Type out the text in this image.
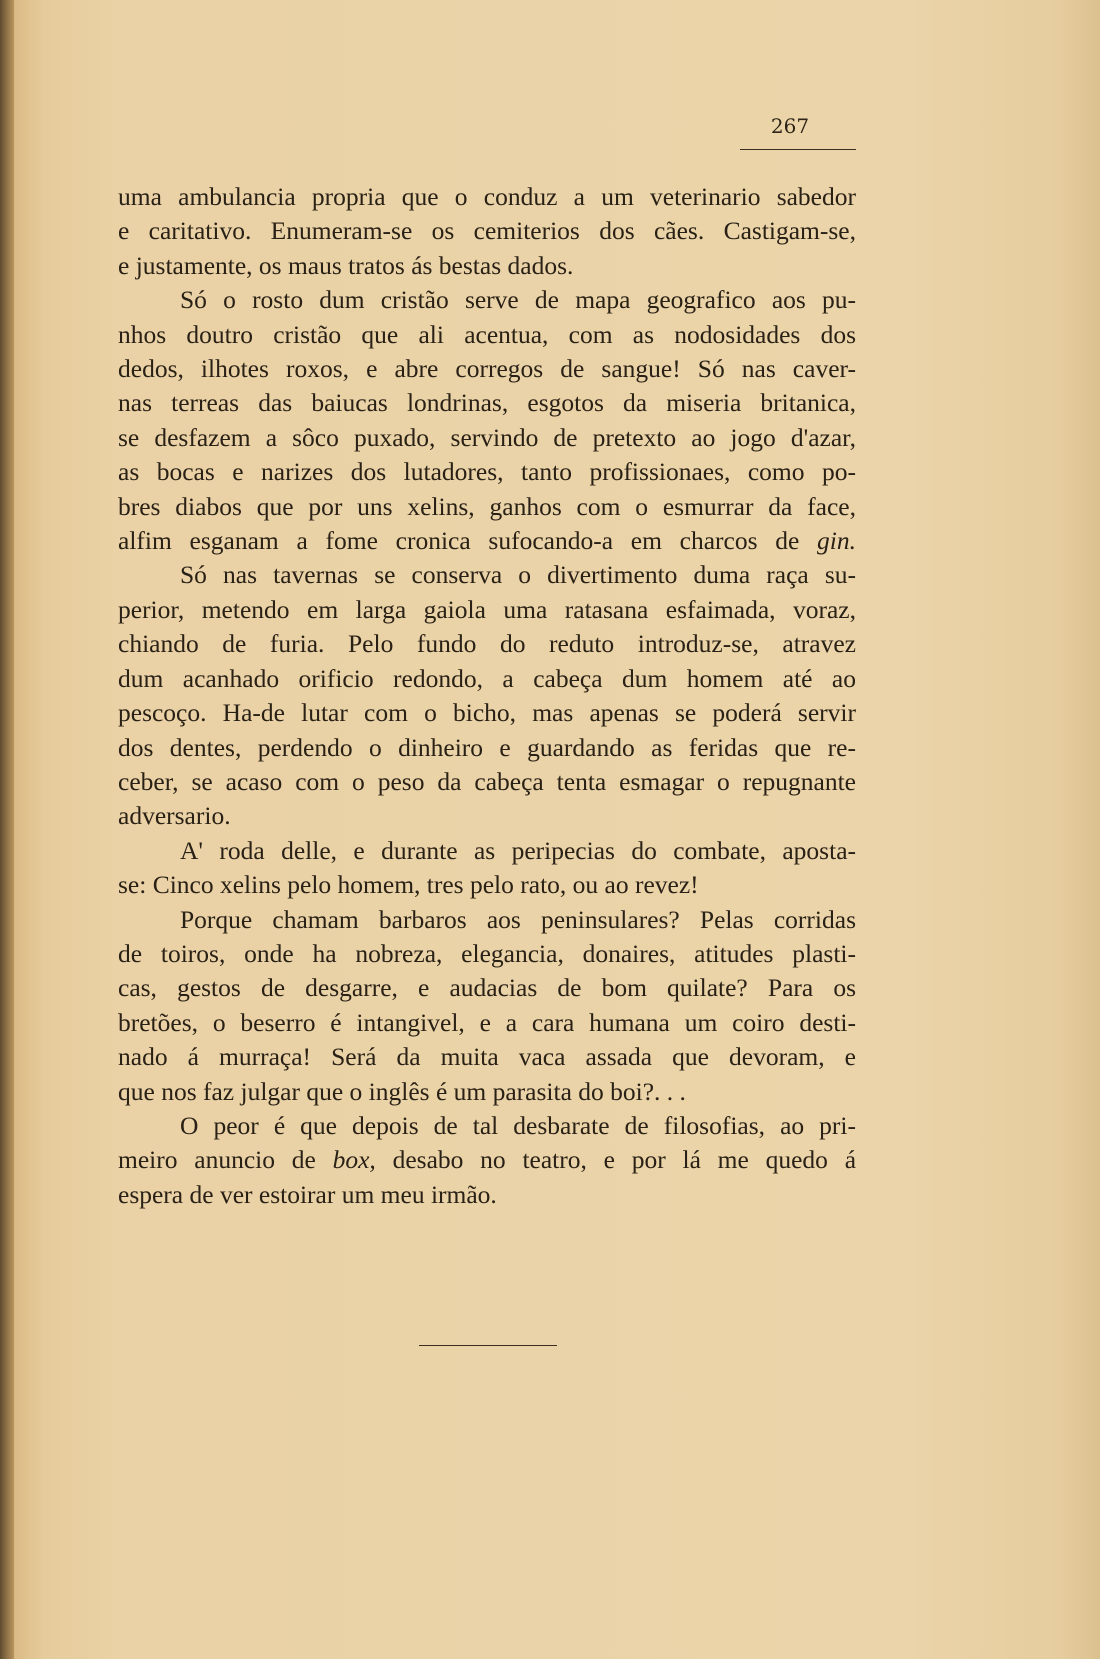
267
uma ambulancia propria que o conduz a um veterinario sabedor
e caritativo. Enumeram-se os cemiterios dos cães. Castigam-se,
e justamente, os maus tratos ás bestas dados.
Só o rosto dum cristão serve de mapa geografico aos pu-
nhos doutro cristão que ali acentua, com as nodosidades dos
dedos, ilhotes roxos, e abre corregos de sangue! Só nas caver-
nas terreas das baiucas londrinas, esgotos da miseria britanica,
se desfazem a sôco puxado, servindo de pretexto ao jogo d'azar,
as bocas e narizes dos lutadores, tanto profissionaes, como po-
bres diabos que por uns xelins, ganhos com o esmurrar da face,
alfim esganam a fome cronica sufocando-a em charcos de gin.
Só nas tavernas se conserva o divertimento duma raça su-
perior, metendo em larga gaiola uma ratasana esfaimada, voraz,
chiando de furia. Pelo fundo do reduto introduz-se, atravez
dum acanhado orificio redondo, a cabeça dum homem até ao
pescoço. Ha-de lutar com o bicho, mas apenas se poderá servir
dos dentes, perdendo o dinheiro e guardando as feridas que re-
ceber, se acaso com o peso da cabeça tenta esmagar o repugnante
adversario.
A' roda delle, e durante as peripecias do combate, aposta-
se: Cinco xelins pelo homem, tres pelo rato, ou ao revez!
Porque chamam barbaros aos peninsulares? Pelas corridas
de toiros, onde ha nobreza, elegancia, donaires, atitudes plasti-
cas, gestos de desgarre, e audacias de bom quilate? Para os
bretões, o beserro é intangivel, e a cara humana um coiro desti-
nado á murraça! Será da muita vaca assada que devoram, e
que nos faz julgar que o inglês é um parasita do boi?. . .
O peor é que depois de tal desbarate de filosofias, ao pri-
meiro anuncio de box, desabo no teatro, e por lá me quedo á
espera de ver estoirar um meu irmão.
